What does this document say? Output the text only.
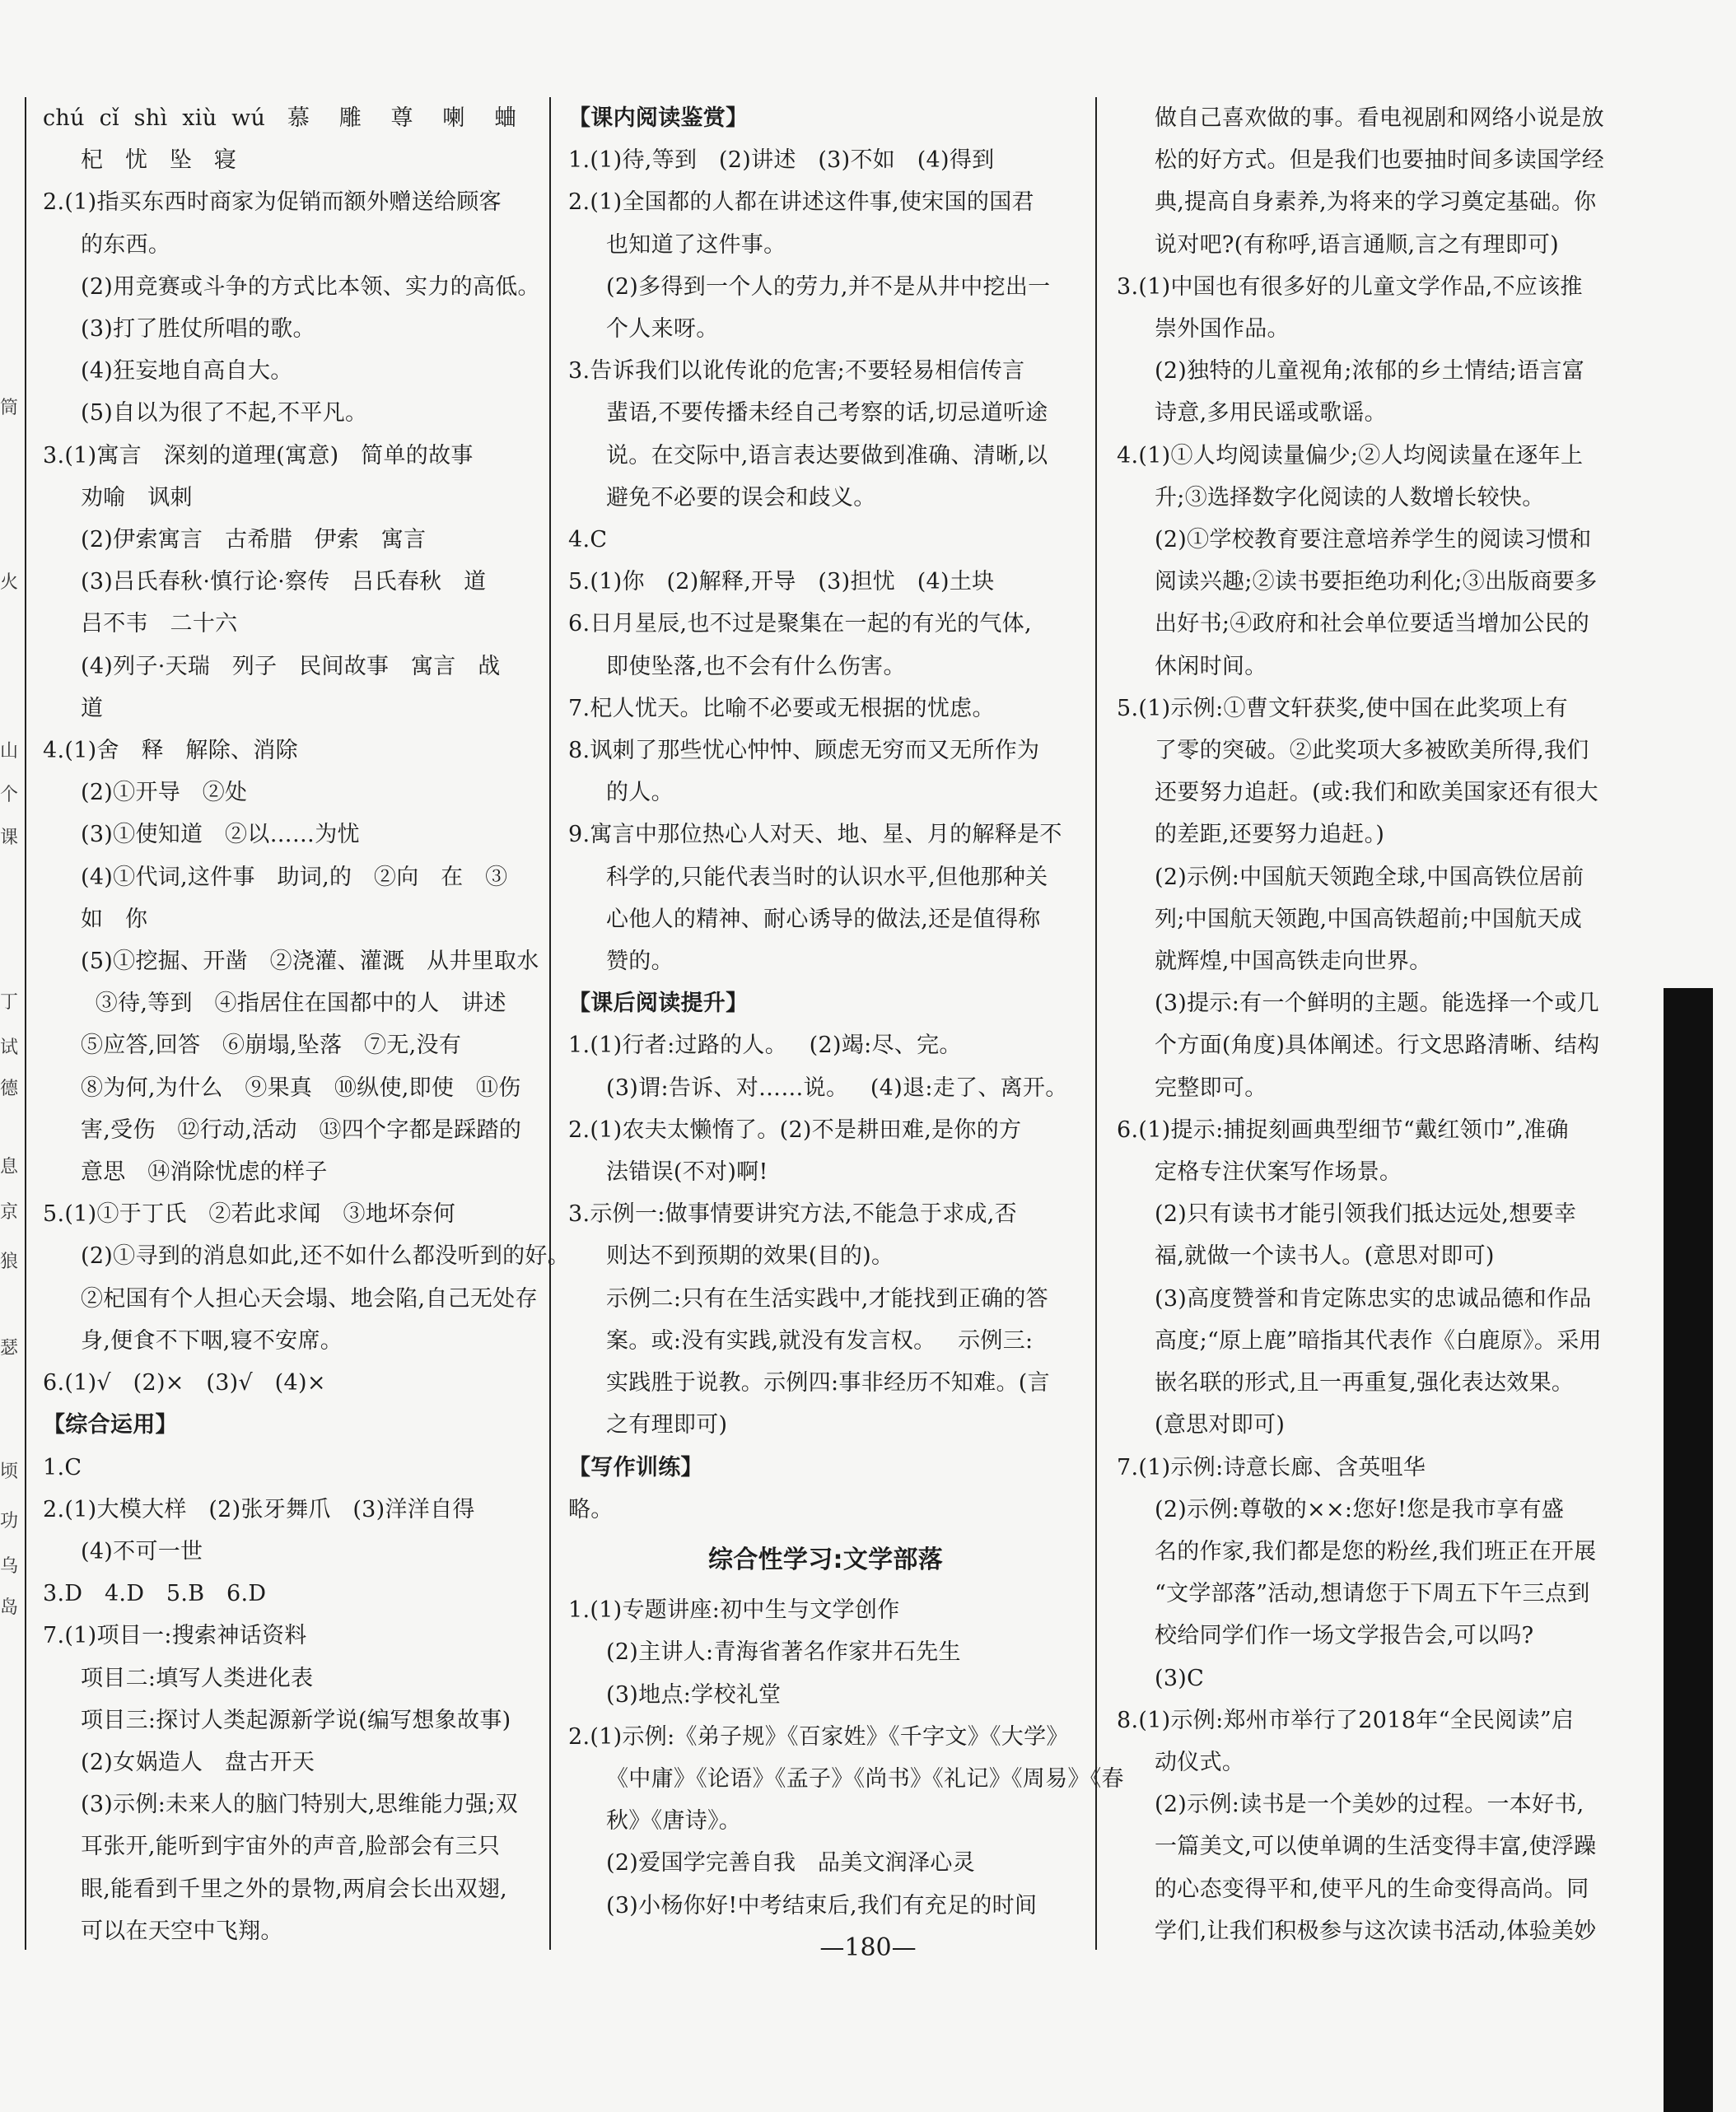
筒
火
山
个
课
丁
试
德
息
京
狼
瑟
顷
功
乌
岛

chú  cǐ  shì  xiù  wú   慕    雕    尊    喇    蛐

杞   忧   坠   寝

2.(1)指买东西时商家为促销而额外赠送给顾客

的东西。

(2)用竞赛或斗争的方式比本领、实力的高低。

(3)打了胜仗所唱的歌。

(4)狂妄地自高自大。

(5)自以为很了不起,不平凡。

3.(1)寓言   深刻的道理(寓意)   简单的故事

劝喻   讽刺

(2)伊索寓言   古希腊   伊索   寓言

(3)吕氏春秋·慎行论·察传   吕氏春秋   道

吕不韦   二十六

(4)列子·天瑞   列子   民间故事   寓言   战

道

4.(1)舍   释   解除、消除

(2)①开导   ②处

(3)①使知道   ②以……为忧

(4)①代词,这件事   助词,的   ②向   在   ③

如   你

(5)①挖掘、开凿   ②浇灌、灌溉   从井里取水

③待,等到   ④指居住在国都中的人   讲述

⑤应答,回答   ⑥崩塌,坠落   ⑦无,没有

⑧为何,为什么   ⑨果真   ⑩纵使,即使   ⑪伤

害,受伤   ⑫行动,活动   ⑬四个字都是踩踏的

意思   ⑭消除忧虑的样子

5.(1)①于丁氏   ②若此求闻   ③地坏奈何

(2)①寻到的消息如此,还不如什么都没听到的好。

②杞国有个人担心天会塌、地会陷,自己无处存

身,便食不下咽,寝不安席。

6.(1)√   (2)×   (3)√   (4)×

【综合运用】

1.C

2.(1)大模大样   (2)张牙舞爪   (3)洋洋自得

(4)不可一世

3.D   4.D   5.B   6.D

7.(1)项目一:搜索神话资料

项目二:填写人类进化表

项目三:探讨人类起源新学说(编写想象故事)

(2)女娲造人   盘古开天

(3)示例:未来人的脑门特别大,思维能力强;双

耳张开,能听到宇宙外的声音,脸部会有三只

眼,能看到千里之外的景物,两肩会长出双翅,

可以在天空中飞翔。

【课内阅读鉴赏】

1.(1)待,等到   (2)讲述   (3)不如   (4)得到

2.(1)全国都的人都在讲述这件事,使宋国的国君

也知道了这件事。

(2)多得到一个人的劳力,并不是从井中挖出一

个人来呀。

3.告诉我们以讹传讹的危害;不要轻易相信传言

蜚语,不要传播未经自己考察的话,切忌道听途

说。在交际中,语言表达要做到准确、清晰,以

避免不必要的误会和歧义。

4.C

5.(1)你   (2)解释,开导   (3)担忧   (4)土块

6.日月星辰,也不过是聚集在一起的有光的气体,

即使坠落,也不会有什么伤害。

7.杞人忧天。比喻不必要或无根据的忧虑。

8.讽刺了那些忧心忡忡、顾虑无穷而又无所作为

的人。

9.寓言中那位热心人对天、地、星、月的解释是不

科学的,只能代表当时的认识水平,但他那种关

心他人的精神、耐心诱导的做法,还是值得称

赞的。

【课后阅读提升】

1.(1)行者:过路的人。   (2)竭:尽、完。

(3)谓:告诉、对……说。   (4)退:走了、离开。

2.(1)农夫太懒惰了。(2)不是耕田难,是你的方

法错误(不对)啊!

3.示例一:做事情要讲究方法,不能急于求成,否

则达不到预期的效果(目的)。

示例二:只有在生活实践中,才能找到正确的答

案。或:没有实践,就没有发言权。   示例三:

实践胜于说教。示例四:事非经历不知难。(言

之有理即可)

【写作训练】

略。

综合性学习:文学部落

1.(1)专题讲座:初中生与文学创作

(2)主讲人:青海省著名作家井石先生

(3)地点:学校礼堂

2.(1)示例:《弟子规》《百家姓》《千字文》《大学》

《中庸》《论语》《孟子》《尚书》《礼记》《周易》《春

秋》《唐诗》。

(2)爱国学完善自我   品美文润泽心灵

(3)小杨你好!中考结束后,我们有充足的时间

做自己喜欢做的事。看电视剧和网络小说是放

松的好方式。但是我们也要抽时间多读国学经

典,提高自身素养,为将来的学习奠定基础。你

说对吧?(有称呼,语言通顺,言之有理即可)

3.(1)中国也有很多好的儿童文学作品,不应该推

崇外国作品。

(2)独特的儿童视角;浓郁的乡土情结;语言富

诗意,多用民谣或歌谣。

4.(1)①人均阅读量偏少;②人均阅读量在逐年上

升;③选择数字化阅读的人数增长较快。

(2)①学校教育要注意培养学生的阅读习惯和

阅读兴趣;②读书要拒绝功利化;③出版商要多

出好书;④政府和社会单位要适当增加公民的

休闲时间。

5.(1)示例:①曹文轩获奖,使中国在此奖项上有

了零的突破。②此奖项大多被欧美所得,我们

还要努力追赶。(或:我们和欧美国家还有很大

的差距,还要努力追赶。)

(2)示例:中国航天领跑全球,中国高铁位居前

列;中国航天领跑,中国高铁超前;中国航天成

就辉煌,中国高铁走向世界。

(3)提示:有一个鲜明的主题。能选择一个或几

个方面(角度)具体阐述。行文思路清晰、结构

完整即可。

6.(1)提示:捕捉刻画典型细节“戴红领巾”,准确

定格专注伏案写作场景。

(2)只有读书才能引领我们抵达远处,想要幸

福,就做一个读书人。(意思对即可)

(3)高度赞誉和肯定陈忠实的忠诚品德和作品

高度;“原上鹿”暗指其代表作《白鹿原》。采用

嵌名联的形式,且一再重复,强化表达效果。

(意思对即可)

7.(1)示例:诗意长廊、含英咀华

(2)示例:尊敬的××:您好!您是我市享有盛

名的作家,我们都是您的粉丝,我们班正在开展

“文学部落”活动,想请您于下周五下午三点到

校给同学们作一场文学报告会,可以吗?

(3)C

8.(1)示例:郑州市举行了2018年“全民阅读”启

动仪式。

(2)示例:读书是一个美妙的过程。一本好书,

一篇美文,可以使单调的生活变得丰富,使浮躁

的心态变得平和,使平凡的生命变得高尚。同

学们,让我们积极参与这次读书活动,体验美妙

—180—
